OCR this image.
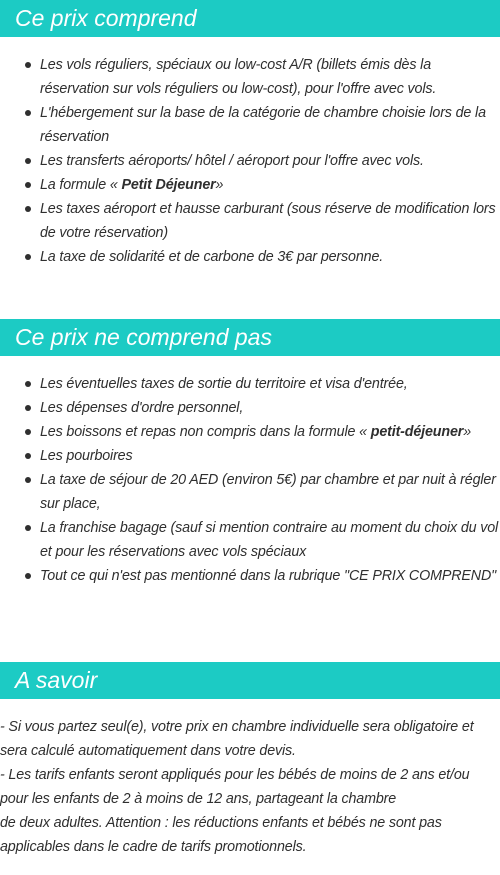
Ce prix comprend
Les vols réguliers, spéciaux ou low-cost A/R (billets émis dès la réservation sur vols réguliers ou low-cost), pour l'offre avec vols.
L'hébergement sur la base de la catégorie de chambre choisie lors de la réservation
Les transferts aéroports/ hôtel / aéroport pour l'offre avec vols.
La formule « Petit Déjeuner»
Les taxes aéroport et hausse carburant (sous réserve de modification lors de votre réservation)
La taxe de solidarité et de carbone de 3€ par personne.
Ce prix ne comprend pas
Les éventuelles taxes de sortie du territoire et visa d'entrée,
Les dépenses d'ordre personnel,
Les boissons et repas non compris dans la formule « petit-déjeuner»
Les pourboires
La taxe de séjour de 20 AED (environ 5€) par chambre et par nuit à régler sur place,
La franchise bagage (sauf si mention contraire au moment du choix du vol et pour les réservations avec vols spéciaux
Tout ce qui n'est pas mentionné dans la rubrique "CE PRIX COMPREND"
A savoir

- Si vous partez seul(e), votre prix en chambre individuelle sera obligatoire et sera calculé automatiquement dans votre devis.

- Les tarifs enfants seront appliqués pour les bébés de moins de 2 ans et/ou pour les enfants de 2 à moins de 12 ans, partageant la chambre

de deux adultes. Attention : les réductions enfants et bébés ne sont pas applicables dans le cadre de tarifs promotionnels.
